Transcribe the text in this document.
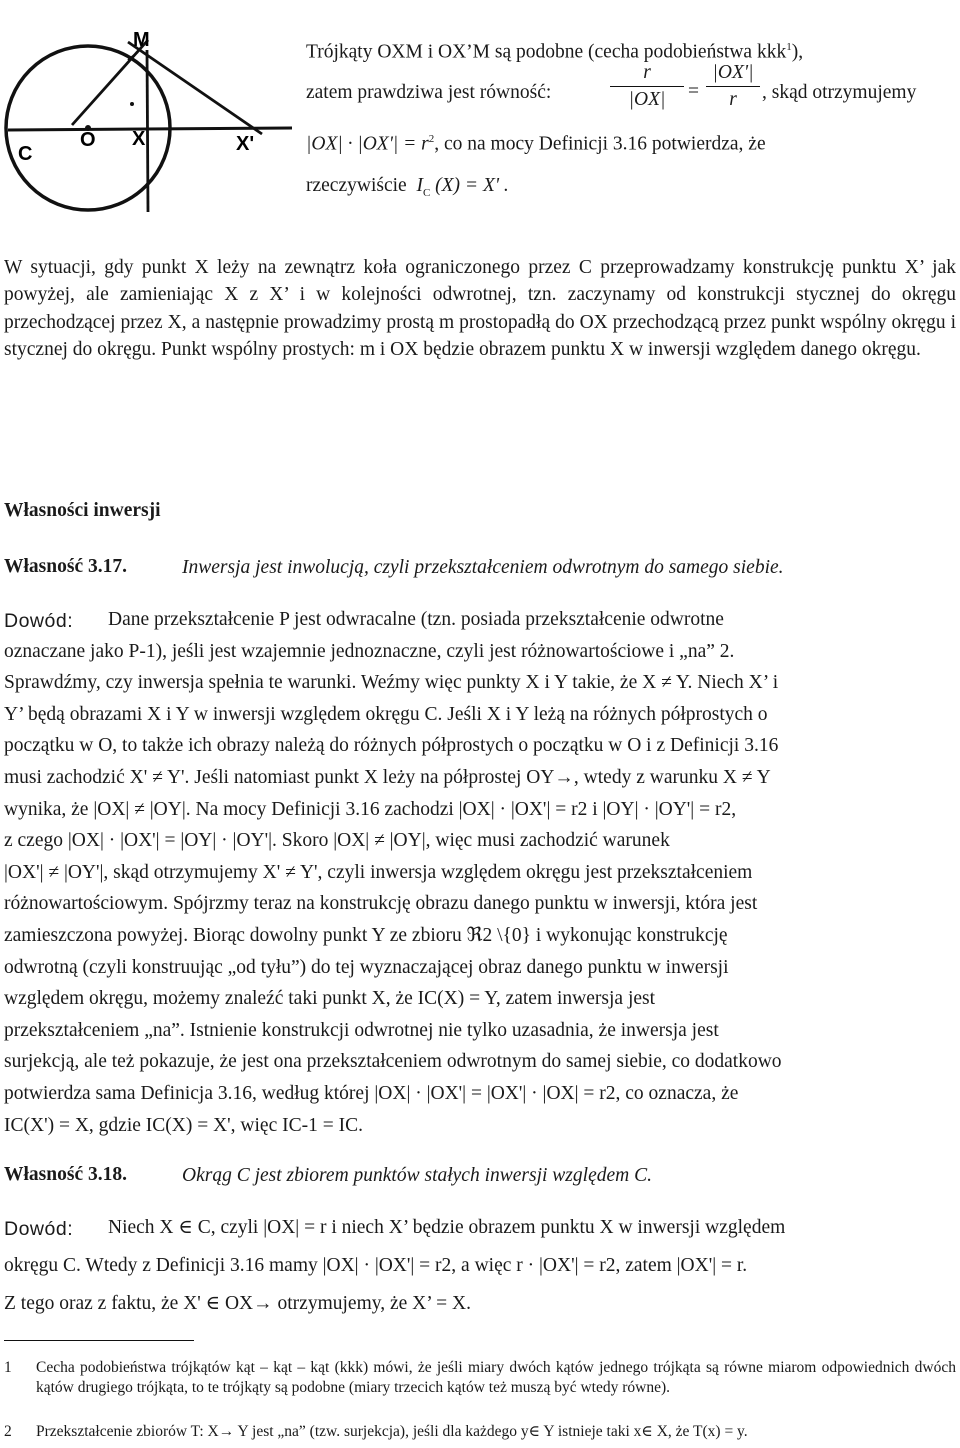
M
O X	X'
C
Trójkąty OXM i OX’M są podobne (cecha podobieństwa kkk$^1$),
zatem prawdziwa jest równość:	$\frac{r}{|OX|} = \frac{|OX'|}{r}$ , skąd otrzymujemy
$|OX| \cdot |OX'| = r^2$, co na mocy Definicji 3.16 potwierdza, że
rzeczywiście $I_C$ (X) = X' .
W sytuacji, gdy punkt X leży na zewnątrz koła ograniczonego przez C przeprowadzamy konstrukcję punktu X’ jak powyżej, ale zamieniając X z X’ i w kolejności odwrotnej, tzn. zaczynamy od konstrukcji stycznej do okręgu przechodzącej przez X, a następnie prowadzimy prostą m prostopadłą do OX przechodzącą przez punkt wspólny okręgu i stycznej do okręgu. Punkt wspólny prostych: m i OX będzie obrazem punktu X w inwersji względem danego okręgu.
Własności inwersji
Własność 3.17.	Inwersja jest inwolucją, czyli przekształceniem odwrotnym do samego siebie.
Dowód:	Dane przekształcenie P jest odwracalne (tzn. posiada przekształcenie odwrotne
oznaczane jako P-1), jeśli jest wzajemnie jednoznaczne, czyli jest różnowartościowe i „na” 2.
Sprawdźmy, czy inwersja spełnia te warunki. Weźmy więc punkty X i Y takie, że X ≠ Y. Niech X’ i
Y’ będą obrazami X i Y w inwersji względem okręgu C. Jeśli X i Y leżą na różnych półprostych o
początku w O, to także ich obrazy należą do różnych półprostych o początku w O i z Definicji 3.16
musi zachodzić X' ≠ Y'. Jeśli natomiast punkt X leży na półprostej OY→, wtedy z warunku X ≠ Y
wynika, że |OX| ≠ |OY|. Na mocy Definicji 3.16 zachodzi |OX| · |OX'| = r2 i |OY| · |OY'| = r2,
z czego |OX| · |OX'| = |OY| · |OY'|. Skoro |OX| ≠ |OY|, więc musi zachodzić warunek
|OX'| ≠ |OY'|, skąd otrzymujemy X' ≠ Y', czyli inwersja względem okręgu jest przekształceniem
różnowartościowym. Spójrzmy teraz na konstrukcję obrazu danego punktu w inwersji, która jest
zamieszczona powyżej. Biorąc dowolny punkt Y ze zbioru ℜ2 \{0} i wykonując konstrukcję
odwrotną (czyli konstruując „od tyłu”) do tej wyznaczającej obraz danego punktu w inwersji
względem okręgu, możemy znaleźć taki punkt X, że IC(X) = Y, zatem inwersja jest
przekształceniem „na”. Istnienie konstrukcji odwrotnej nie tylko uzasadnia, że inwersja jest
surjekcją, ale też pokazuje, że jest ona przekształceniem odwrotnym do samej siebie, co dodatkowo
potwierdza sama Definicja 3.16, według której |OX| · |OX'| = |OX'| · |OX| = r2, co oznacza, że
IC(X') = X, gdzie IC(X) = X', więc IC-1 = IC.
Własność 3.18.	Okrąg C jest zbiorem punktów stałych inwersji względem C.
Dowód:	Niech X ∈ C, czyli |OX| = r i niech X’ będzie obrazem punktu X w inwersji względem
okręgu C. Wtedy z Definicji 3.16 mamy |OX| · |OX'| = r2, a więc r · |OX'| = r2, zatem |OX'| = r.
Z tego oraz z faktu, że X' ∈ OX→ otrzymujemy, że X’ = X.
1 Cecha podobieństwa trójkątów kąt – kąt – kąt (kkk) mówi, że jeśli miary dwóch kątów jednego trójkąta są równe miarom odpowiednich dwóch kątów drugiego trójkąta, to te trójkąty są podobne (miary trzecich kątów też muszą być wtedy równe).
2 Przekształcenie zbiorów T: X→ Y jest „na” (tzw. surjekcja), jeśli dla każdego y∈ Y istnieje taki x∈ X, że T(x) = y.
